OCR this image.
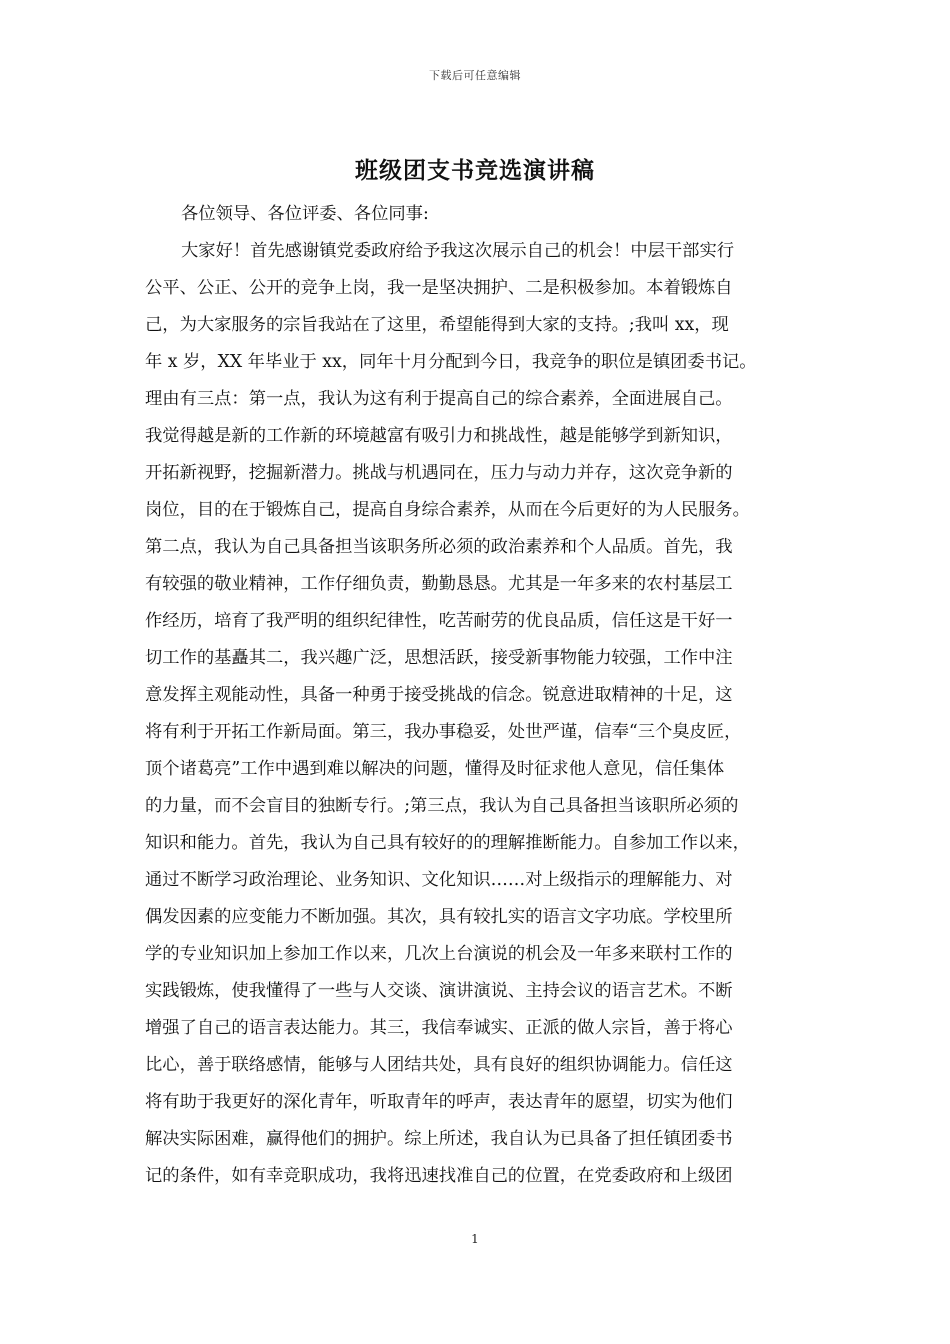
下载后可任意编辑
班级团支书竞选演讲稿
各位领导、各位评委、各位同事:
大家好！首先感谢镇党委政府给予我这次展示自己的机会！中层干部实行
公平、公正、公开的竞争上岗，我一是坚决拥护、二是积极参加。本着锻炼自
己，为大家服务的宗旨我站在了这里，希望能得到大家的支持。;我叫 xx，现
年 x 岁，XX 年毕业于 xx，同年十月分配到今日，我竞争的职位是镇团委书记。
理由有三点：第一点，我认为这有利于提高自己的综合素养，全面进展自己。
我觉得越是新的工作新的环境越富有吸引力和挑战性，越是能够学到新知识，
开拓新视野，挖掘新潜力。挑战与机遇同在，压力与动力并存，这次竞争新的
岗位，目的在于锻炼自己，提高自身综合素养，从而在今后更好的为人民服务。
第二点，我认为自己具备担当该职务所必须的政治素养和个人品质。首先，我
有较强的敬业精神，工作仔细负责，勤勤恳恳。尤其是一年多来的农村基层工
作经历，培育了我严明的组织纪律性，吃苦耐劳的优良品质，信任这是干好一
切工作的基矗其二，我兴趣广泛，思想活跃，接受新事物能力较强，工作中注
意发挥主观能动性，具备一种勇于接受挑战的信念。锐意进取精神的十足，这
将有利于开拓工作新局面。第三，我办事稳妥，处世严谨，信奉“三个臭皮匠，
顶个诸葛亮”工作中遇到难以解决的问题，懂得及时征求他人意见，信任集体
的力量，而不会盲目的独断专行。;第三点，我认为自己具备担当该职所必须的
知识和能力。首先，我认为自己具有较好的的理解推断能力。自参加工作以来，
通过不断学习政治理论、业务知识、文化知识……对上级指示的理解能力、对
偶发因素的应变能力不断加强。其次，具有较扎实的语言文字功底。学校里所
学的专业知识加上参加工作以来，几次上台演说的机会及一年多来联村工作的
实践锻炼，使我懂得了一些与人交谈、演讲演说、主持会议的语言艺术。不断
增强了自己的语言表达能力。其三，我信奉诚实、正派的做人宗旨，善于将心
比心，善于联络感情，能够与人团结共处，具有良好的组织协调能力。信任这
将有助于我更好的深化青年，听取青年的呼声，表达青年的愿望，切实为他们
解决实际困难，赢得他们的拥护。综上所述，我自认为已具备了担任镇团委书
记的条件，如有幸竞职成功，我将迅速找准自己的位置，在党委政府和上级团
1
